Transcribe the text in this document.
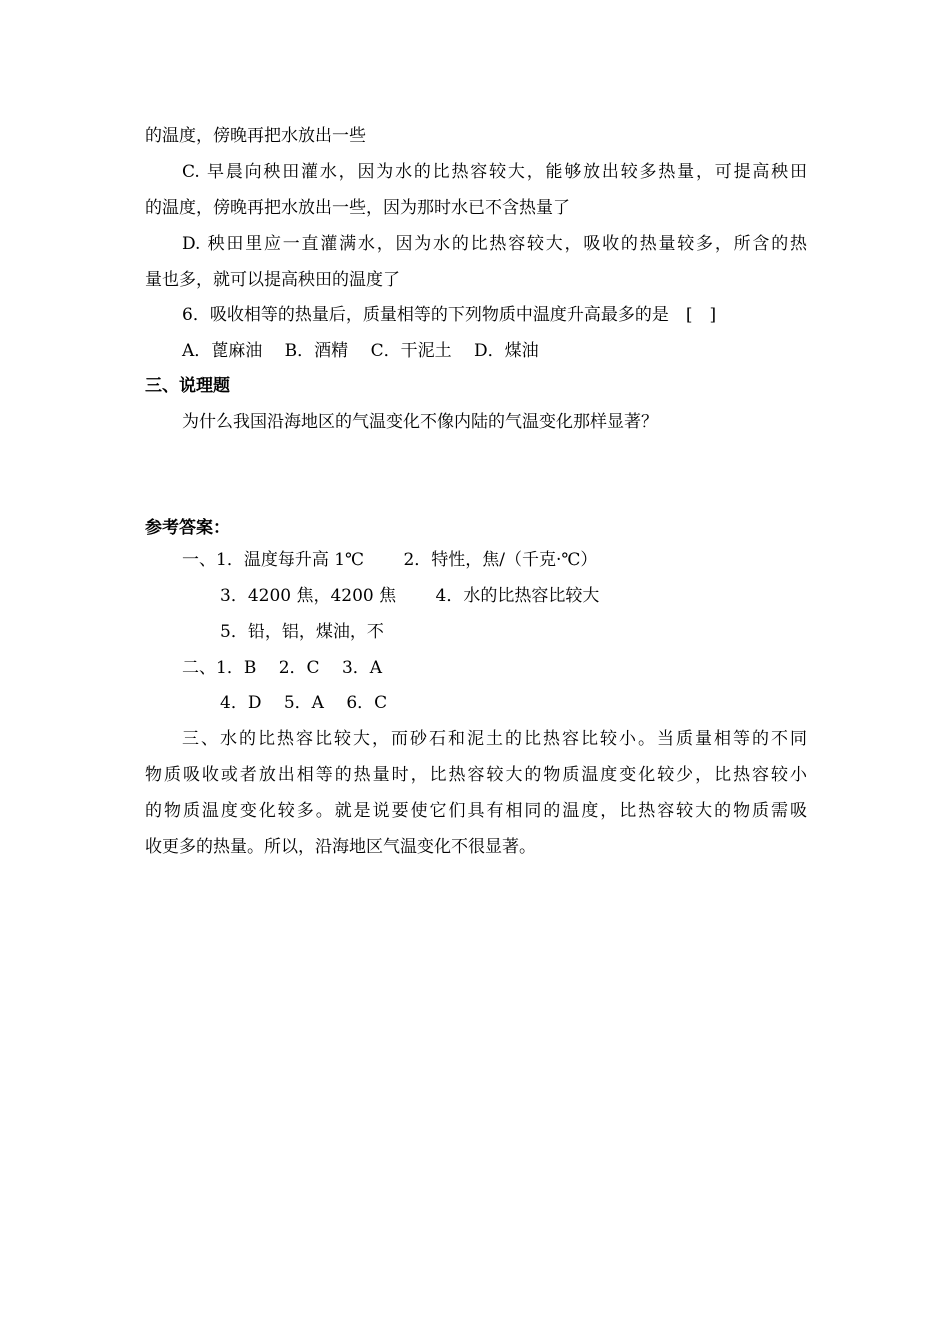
的温度，傍晚再把水放出一些
C. 早晨向秧田灌水，因为水的比热容较大，能够放出较多热量，可提高秧田
的温度，傍晚再把水放出一些，因为那时水已不含热量了
D. 秧田里应一直灌满水，因为水的比热容较大，吸收的热量较多，所含的热
量也多，就可以提高秧田的温度了
6．吸收相等的热量后，质量相等的下列物质中温度升高最多的是　[　]
A．蓖麻油　 B．酒精　 C．干泥土　 D．煤油
三、说理题
为什么我国沿海地区的气温变化不像内陆的气温变化那样显著？
参考答案：
一、1．温度每升高 1℃　　 2．特性，焦/（千克·℃）
3．4200 焦，4200 焦　　 4．水的比热容比较大
5．铅，铝，煤油，不
二、1．B　 2．C　 3．A
4．D　 5．A　 6．C
三、水的比热容比较大，而砂石和泥土的比热容比较小。当质量相等的不同
物质吸收或者放出相等的热量时，比热容较大的物质温度变化较少，比热容较小
的物质温度变化较多。就是说要使它们具有相同的温度，比热容较大的物质需吸
收更多的热量。所以，沿海地区气温变化不很显著。
